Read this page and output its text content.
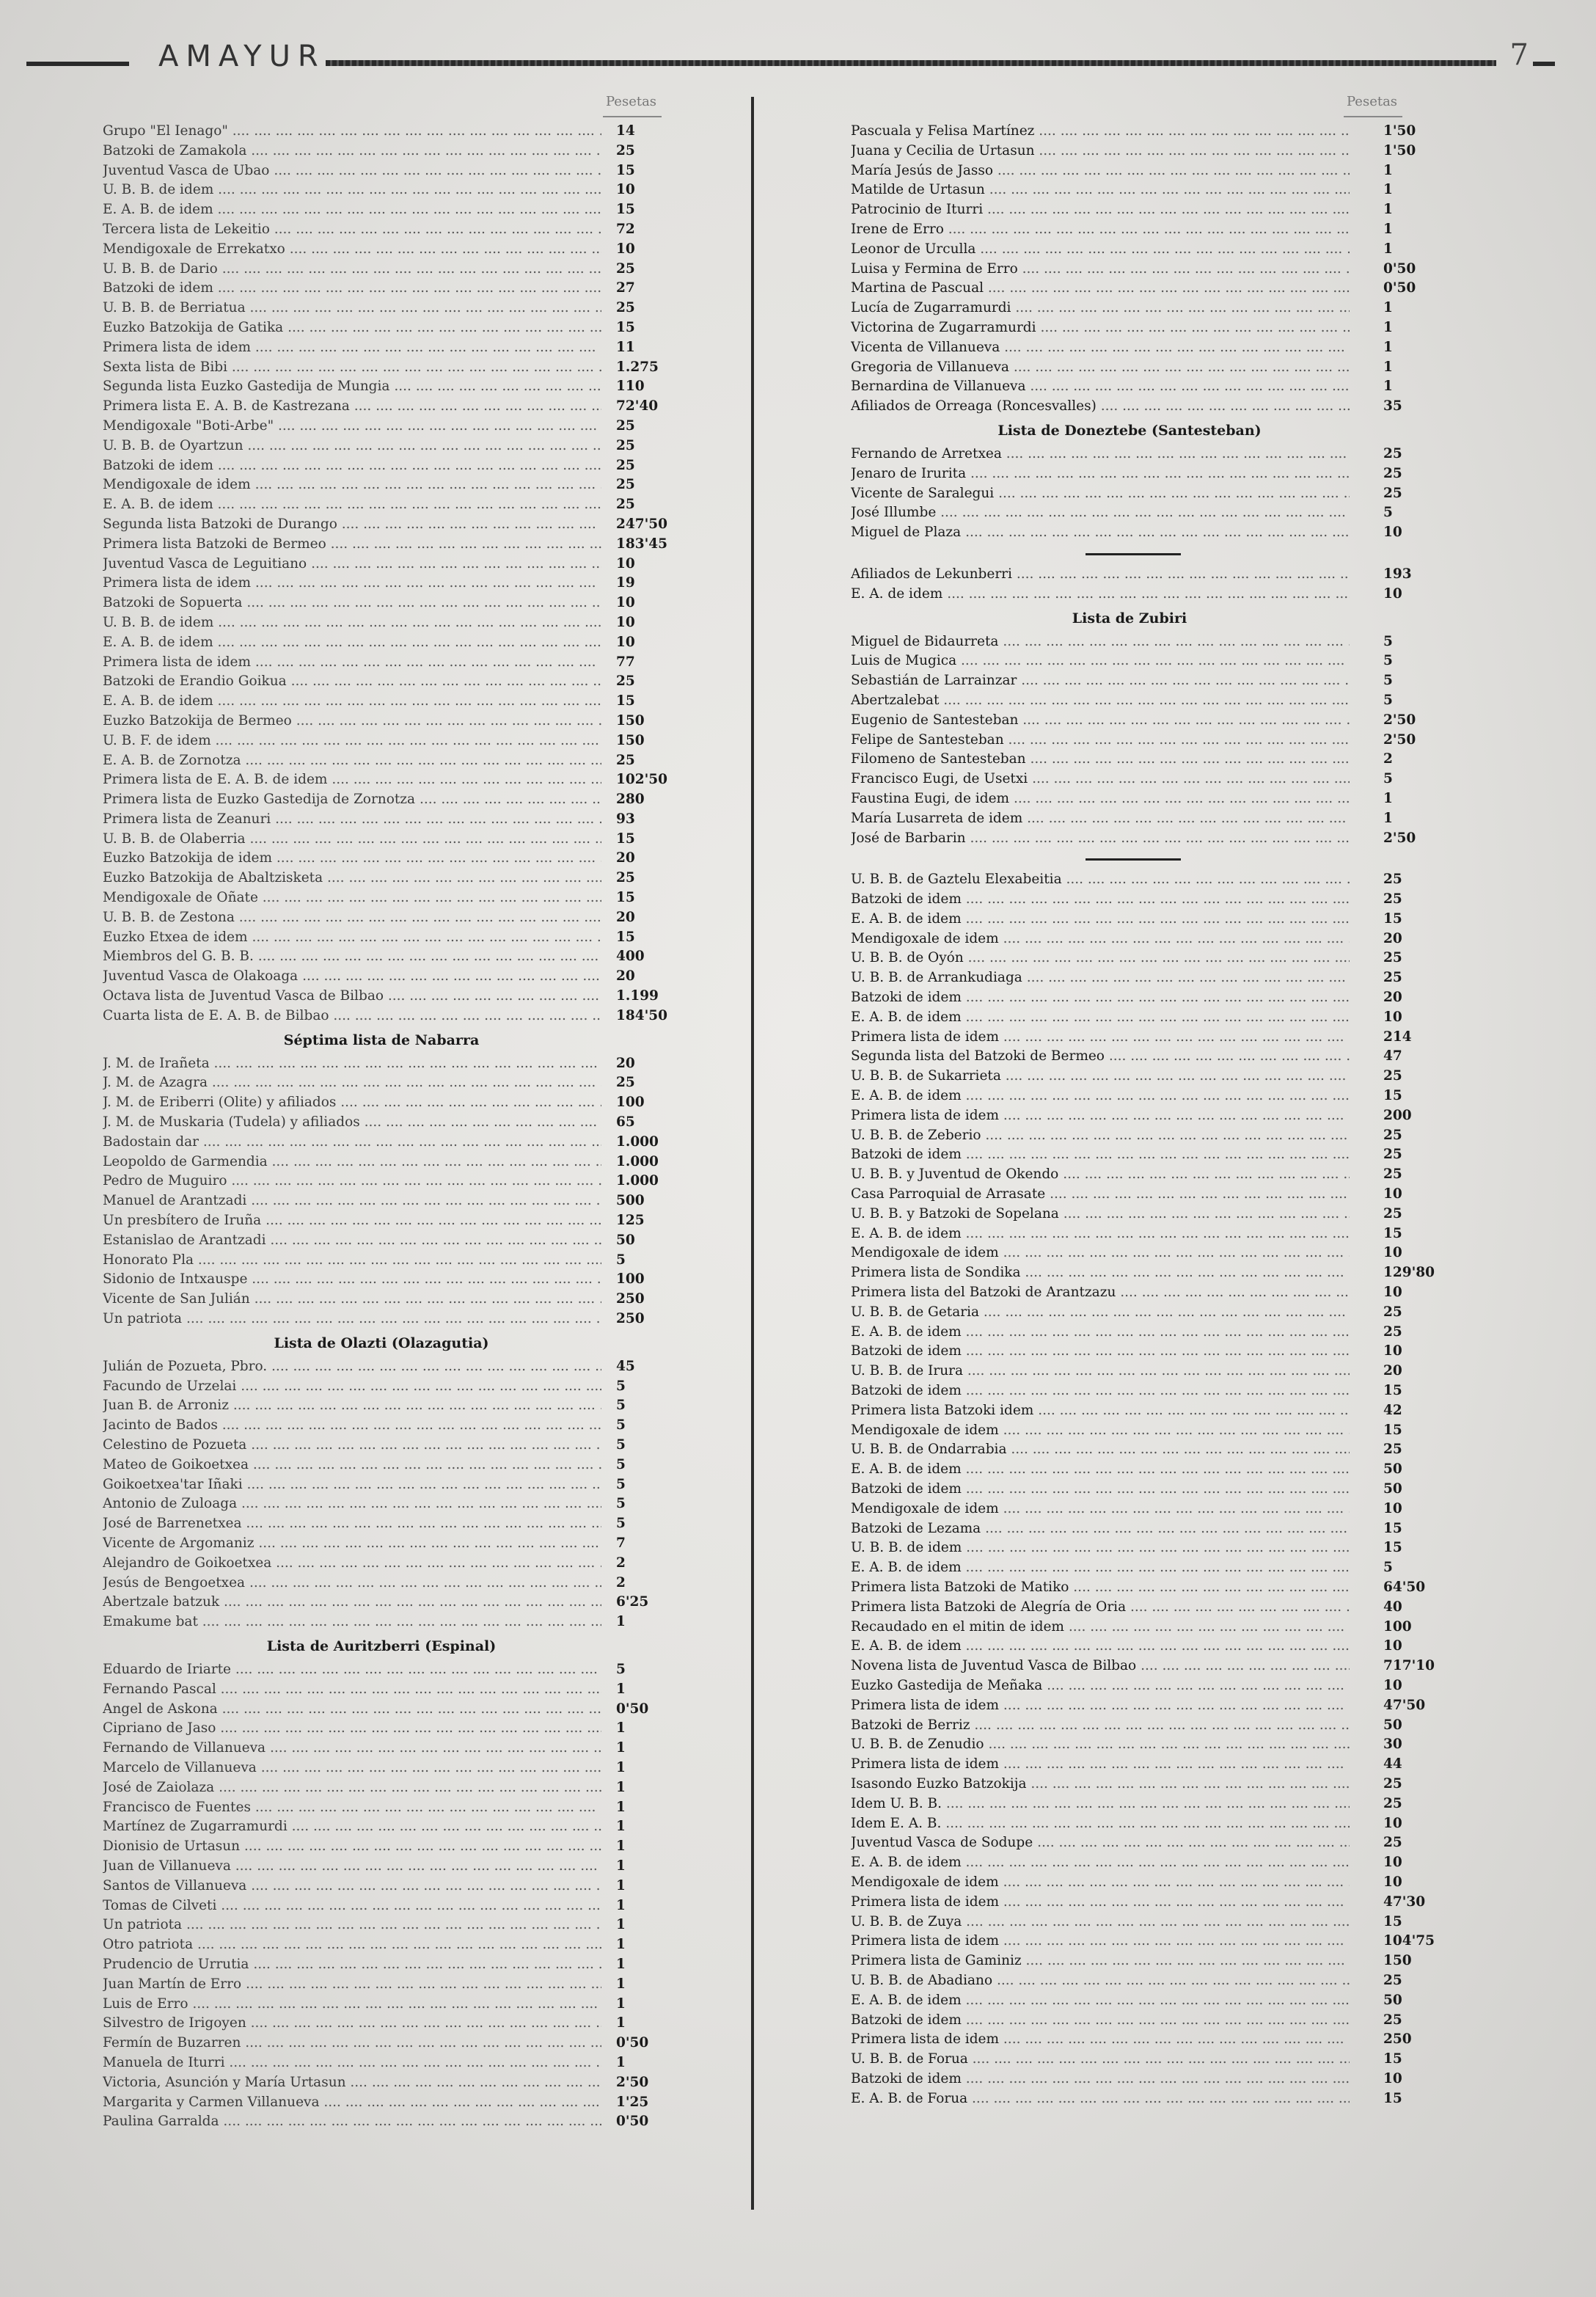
AMAYUR	7
Pesetas
Grupo "El Ienago" ....	14
Batzoki de Zamakola ....	25
Juventud Vasca de Ubao ....	15
U. B. B. de idem ....	10
E. A. B. de idem ....	15
Tercera lista de Lekeitio ....	72
Mendigoxale de Errekatxo ....	10
U. B. B. de Dario ....	25
Batzoki de idem ....	27
U. B. B. de Berriatua ....	25
Euzko Batzokija de Gatika ....	15
Primera lista de idem ....	11
Sexta lista de Bibi ....	1.275
Segunda lista Euzko Gastedija de Mungia ....	110
Primera lista E. A. B. de Kastrezana ....	72'40
Mendigoxale "Boti-Arbe" ....	25
U. B. B. de Oyartzun ....	25
Batzoki de idem ....	25
Mendigoxale de idem ....	25
E. A. B. de idem ....	25
Segunda lista Batzoki de Durango ....	247'50
Primera lista Batzoki de Bermeo ....	183'45
Juventud Vasca de Leguitiano ....	10
Primera lista de idem ....	19
Batzoki de Sopuerta ....	10
U. B. B. de idem ....	10
E. A. B. de idem ....	10
Primera lista de idem ....	77
Batzoki de Erandio Goikua ....	25
E. A. B. de idem ....	15
Euzko Batzokija de Bermeo ....	150
U. B. F. de idem ....	150
E. A. B. de Zornotza ....	25
Primera lista de E. A. B. de idem ....	102'50
Primera lista de Euzko Gastedija de Zornotza ....	280
Primera lista de Zeanuri ....	93
U. B. B. de Olaberria ....	15
Euzko Batzokija de idem ....	20
Euzko Batzokija de Abaltzisketa ....	25
Mendigoxale de Oñate ....	15
U. B. B. de Zestona ....	20
Euzko Etxea de idem ....	15
Miembros del G. B. B. ....	400
Juventud Vasca de Olakoaga ....	20
Octava lista de Juventud Vasca de Bilbao ....	1.199
Cuarta lista de E. A. B. de Bilbao ....	184'50
Séptima lista de Nabarra
J. M. de Irañeta ....	20
J. M. de Azagra ....	25
J. M. de Eriberri (Olite) y afiliados ....	100
J. M. de Muskaria (Tudela) y afiliados ....	65
Badostain dar ....	1.000
Leopoldo de Garmendia ....	1.000
Pedro de Muguiro ....	1.000
Manuel de Arantzadi ....	500
Un presbítero de Iruña ....	125
Estanislao de Arantzadi ....	50
Honorato Pla ....	5
Sidonio de Intxauspe ....	100
Vicente de San Julián ....	250
Un patriota ....	250
Lista de Olazti (Olazagutia)
Julián de Pozueta, Pbro. ....	45
Facundo de Urzelai ....	5
Juan B. de Arroniz ....	5
Jacinto de Bados ....	5
Celestino de Pozueta ....	5
Mateo de Goikoetxea ....	5
Goikoetxea'tar Iñaki ....	5
Antonio de Zuloaga ....	5
José de Barrenetxea ....	5
Vicente de Argomaniz ....	7
Alejandro de Goikoetxea ....	2
Jesús de Bengoetxea ....	2
Abertzale batzuk ....	6'25
Emakume bat ....	1
Lista de Auritzberri (Espinal)
Eduardo de Iriarte ....	5
Fernando Pascal ....	1
Angel de Askona ....	0'50
Cipriano de Jaso ....	1
Fernando de Villanueva ....	1
Marcelo de Villanueva ....	1
José de Zaiolaza ....	1
Francisco de Fuentes ....	1
Martínez de Zugarramurdi ....	1
Dionisio de Urtasun ....	1
Juan de Villanueva ....	1
Santos de Villanueva ....	1
Tomas de Cilveti ....	1
Un patriota ....	1
Otro patriota ....	1
Prudencio de Urrutia ....	1
Juan Martín de Erro ....	1
Luis de Erro ....	1
Silvestro de Irigoyen ....	1
Fermín de Buzarren ....	0'50
Manuela de Iturri ....	1
Victoria, Asunción y María Urtasun ....	2'50
Margarita y Carmen Villanueva ....	1'25
Paulina Garralda ....	0'50
Pesetas
Pascuala y Felisa Martínez ....	1'50
Juana y Cecilia de Urtasun ....	1'50
María Jesús de Jasso ....	1
Matilde de Urtasun ....	1
Patrocinio de Iturri ....	1
Irene de Erro ....	1
Leonor de Urculla ....	1
Luisa y Fermina de Erro ....	0'50
Martina de Pascual ....	0'50
Lucía de Zugarramurdi ....	1
Victorina de Zugarramurdi ....	1
Vicenta de Villanueva ....	1
Gregoria de Villanueva ....	1
Bernardina de Villanueva ....	1
Afiliados de Orreaga (Roncesvalles) ....	35
Lista de Doneztebe (Santesteban)
Fernando de Arretxea ....	25
Jenaro de Irurita ....	25
Vicente de Saralegui ....	25
José Illumbe ....	5
Miguel de Plaza ....	10
Afiliados de Lekunberri ....	193
E. A. de idem ....	10
Lista de Zubiri
Miguel de Bidaurreta ....	5
Luis de Mugica ....	5
Sebastián de Larrainzar ....	5
Abertzalebat ....	5
Eugenio de Santesteban ....	2'50
Felipe de Santesteban ....	2'50
Filomeno de Santesteban ....	2
Francisco Eugi, de Usetxi ....	5
Faustina Eugi, de idem ....	1
María Lusarreta de idem ....	1
José de Barbarin ....	2'50
U. B. B. de Gaztelu Elexabeitia ....	25
Batzoki de idem ....	25
E. A. B. de idem ....	15
Mendigoxale de idem ....	20
U. B. B. de Oyón ....	25
U. B. B. de Arrankudiaga ....	25
Batzoki de idem ....	20
E. A. B. de idem ....	10
Primera lista de idem ....	214
Segunda lista del Batzoki de Bermeo ....	47
U. B. B. de Sukarrieta ....	25
E. A. B. de idem ....	15
Primera lista de idem ....	200
U. B. B. de Zeberio ....	25
Batzoki de idem ....	25
U. B. B. y Juventud de Okendo ....	25
Casa Parroquial de Arrasate ....	10
U. B. B. y Batzoki de Sopelana ....	25
E. A. B. de idem ....	15
Mendigoxale de idem ....	10
Primera lista de Sondika ....	129'80
Primera lista del Batzoki de Arantzazu ....	10
U. B. B. de Getaria ....	25
E. A. B. de idem ....	25
Batzoki de idem ....	10
U. B. B. de Irura ....	20
Batzoki de idem ....	15
Primera lista Batzoki idem ....	42
Mendigoxale de idem ....	15
U. B. B. de Ondarrabia ....	25
E. A. B. de idem ....	50
Batzoki de idem ....	50
Mendigoxale de idem ....	10
Batzoki de Lezama ....	15
U. B. B. de idem ....	15
E. A. B. de idem ....	5
Primera lista Batzoki de Matiko ....	64'50
Primera lista Batzoki de Alegría de Oria ....	40
Recaudado en el mitin de idem ....	100
E. A. B. de idem ....	10
Novena lista de Juventud Vasca de Bilbao ....	717'10
Euzko Gastedija de Meñaka ....	10
Primera lista de idem ....	47'50
Batzoki de Berriz ....	50
U. B. B. de Zenudio ....	30
Primera lista de idem ....	44
Isasondo Euzko Batzokija ....	25
Idem U. B. B. ....	25
Idem E. A. B. ....	10
Juventud Vasca de Sodupe ....	25
E. A. B. de idem ....	10
Mendigoxale de idem ....	10
Primera lista de idem ....	47'30
U. B. B. de Zuya ....	15
Primera lista de idem ....	104'75
Primera lista de Gaminiz ....	150
U. B. B. de Abadiano ....	25
E. A. B. de idem ....	50
Batzoki de idem ....	25
Primera lista de idem ....	250
U. B. B. de Forua ....	15
Batzoki de idem ....	10
E. A. B. de Forua ....	15
